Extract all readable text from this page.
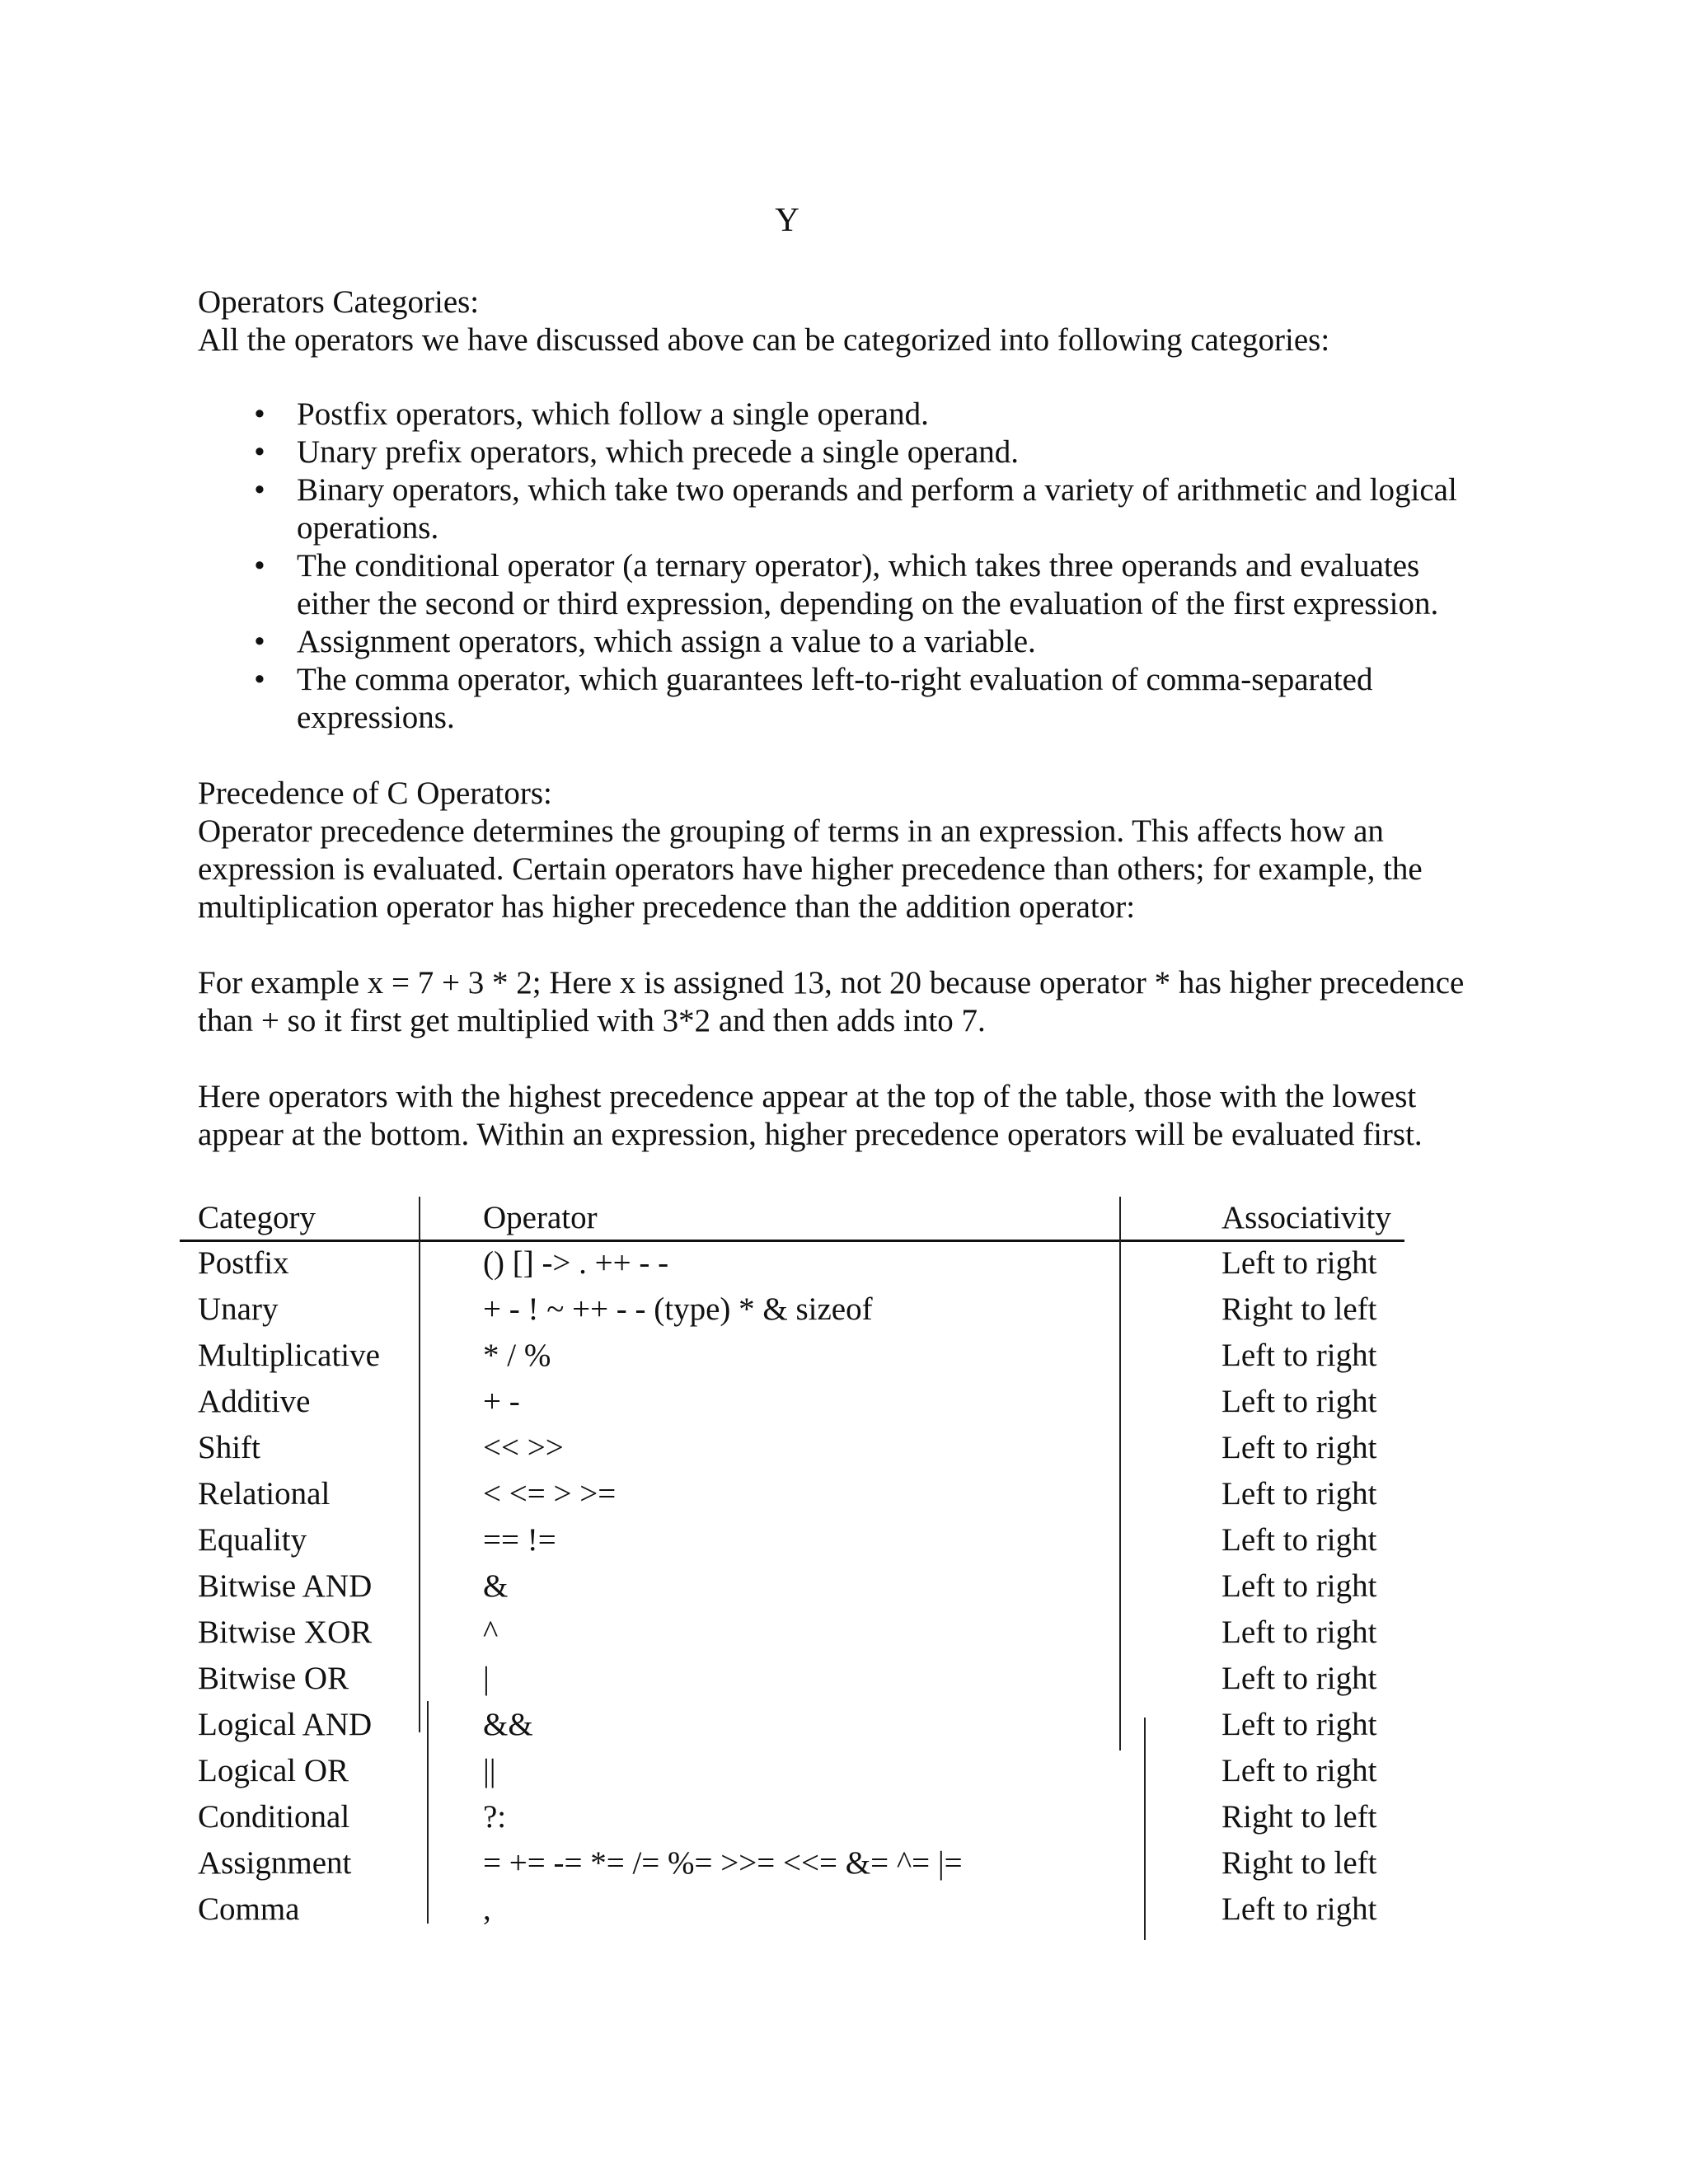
Y

Operators Categories:

All the operators we have discussed above can be categorized into following categories:

• Postfix operators, which follow a single operand.
• Unary prefix operators, which precede a single operand.
• Binary operators, which take two operands and perform a variety of arithmetic and logical operations.
• The conditional operator (a ternary operator), which takes three operands and evaluates either the second or third expression, depending on the evaluation of the first expression.
• Assignment operators, which assign a value to a variable.
• The comma operator, which guarantees left-to-right evaluation of comma-separated expressions.

Precedence of C Operators:

Operator precedence determines the grouping of terms in an expression. This affects how an expression is evaluated. Certain operators have higher precedence than others; for example, the multiplication operator has higher precedence than the addition operator:

For example x = 7 + 3 * 2; Here x is assigned 13, not 20 because operator * has higher precedence than + so it first get multiplied with 3*2 and then adds into 7.

Here operators with the highest precedence appear at the top of the table, those with the lowest appear at the bottom. Within an expression, higher precedence operators will be evaluated first.

Category	Operator	Associativity
Postfix	() [] -> . ++ - -	Left to right
Unary	+ - ! ~ ++ - - (type) * & sizeof	Right to left
Multiplicative	* / %	Left to right
Additive	+ -	Left to right
Shift	<< >>	Left to right
Relational	< <= > >=	Left to right
Equality	== !=	Left to right
Bitwise AND	&	Left to right
Bitwise XOR	^	Left to right
Bitwise OR	|	Left to right
Logical AND	&&	Left to right
Logical OR	||	Left to right
Conditional	?:	Right to left
Assignment	= += -= *= /= %= >>= <<= &= ^= |=	Right to left
Comma	,	Left to right
